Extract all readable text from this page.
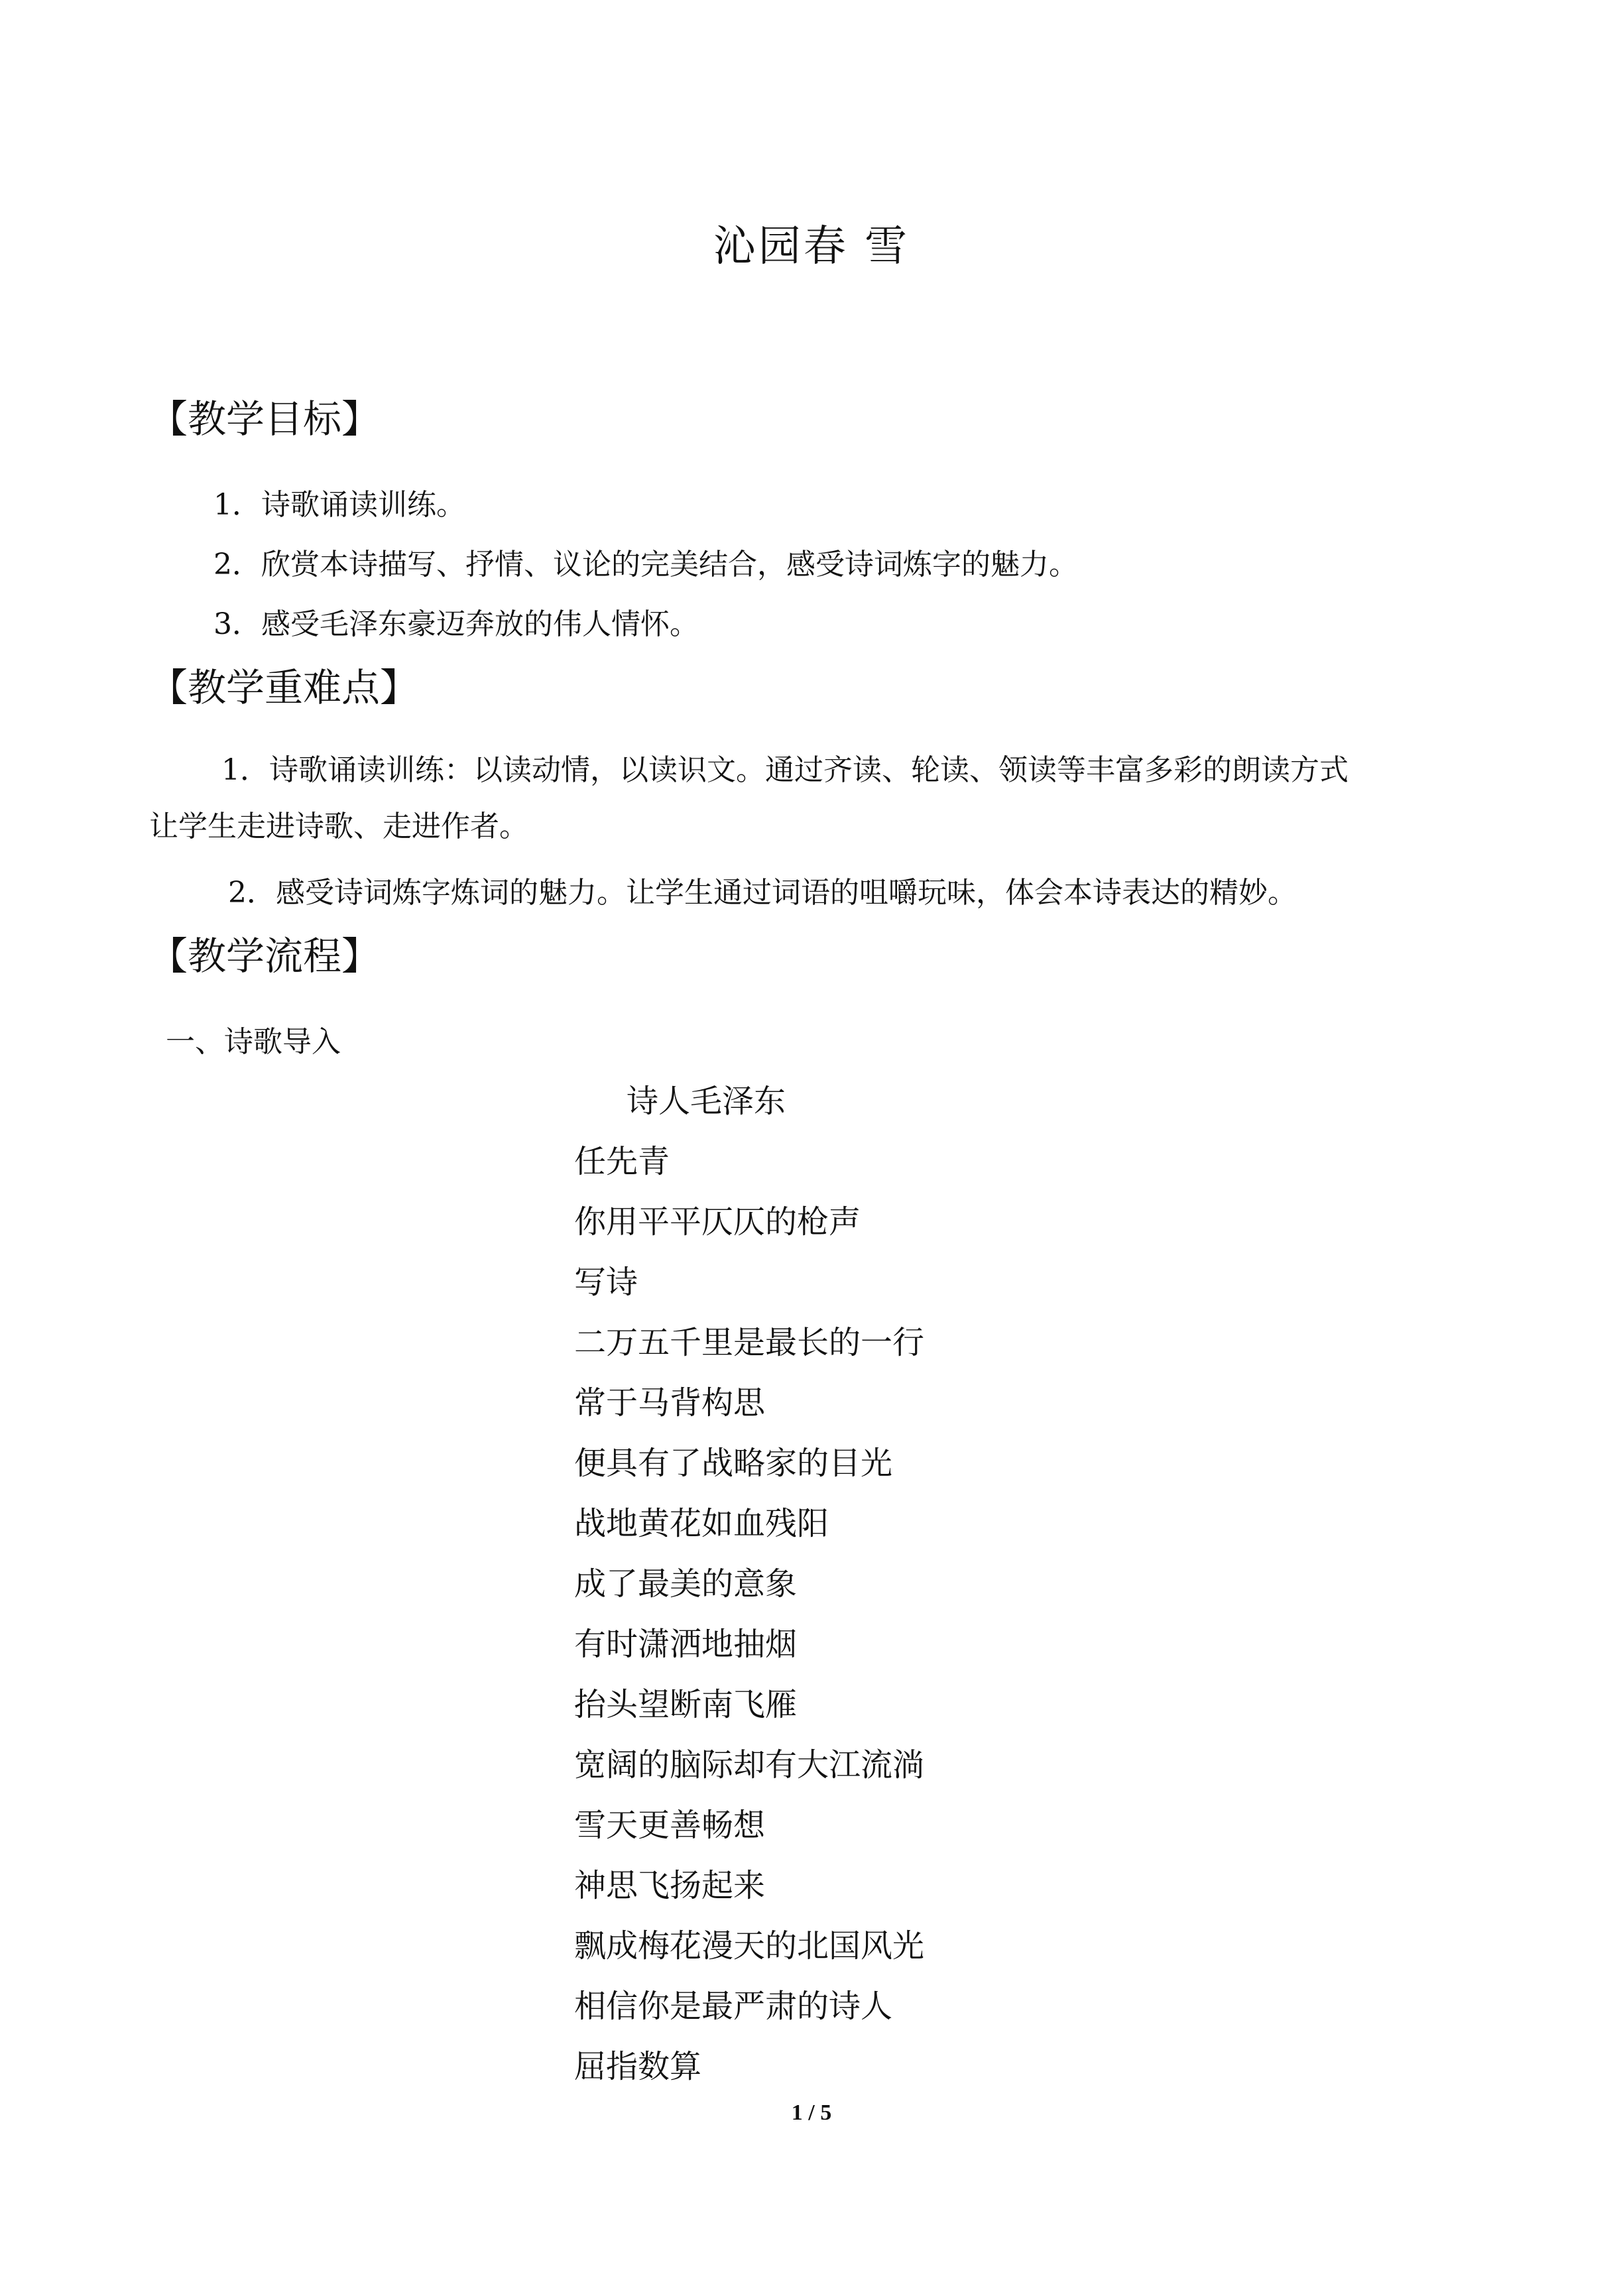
沁园春 雪
【教学目标】
1．诗歌诵读训练。
2．欣赏本诗描写、抒情、议论的完美结合，感受诗词炼字的魅力。
3．感受毛泽东豪迈奔放的伟人情怀。
【教学重难点】
1．诗歌诵读训练：以读动情，以读识文。通过齐读、轮读、领读等丰富多彩的朗读方式
让学生走进诗歌、走进作者。
2．感受诗词炼字炼词的魅力。让学生通过词语的咀嚼玩味，体会本诗表达的精妙。
【教学流程】
一、诗歌导入
诗人毛泽东
任先青
你用平平仄仄的枪声
写诗
二万五千里是最长的一行
常于马背构思
便具有了战略家的目光
战地黄花如血残阳
成了最美的意象
有时潇洒地抽烟
抬头望断南飞雁
宽阔的脑际却有大江流淌
雪天更善畅想
神思飞扬起来
飘成梅花漫天的北国风光
相信你是最严肃的诗人
屈指数算
1 / 5
